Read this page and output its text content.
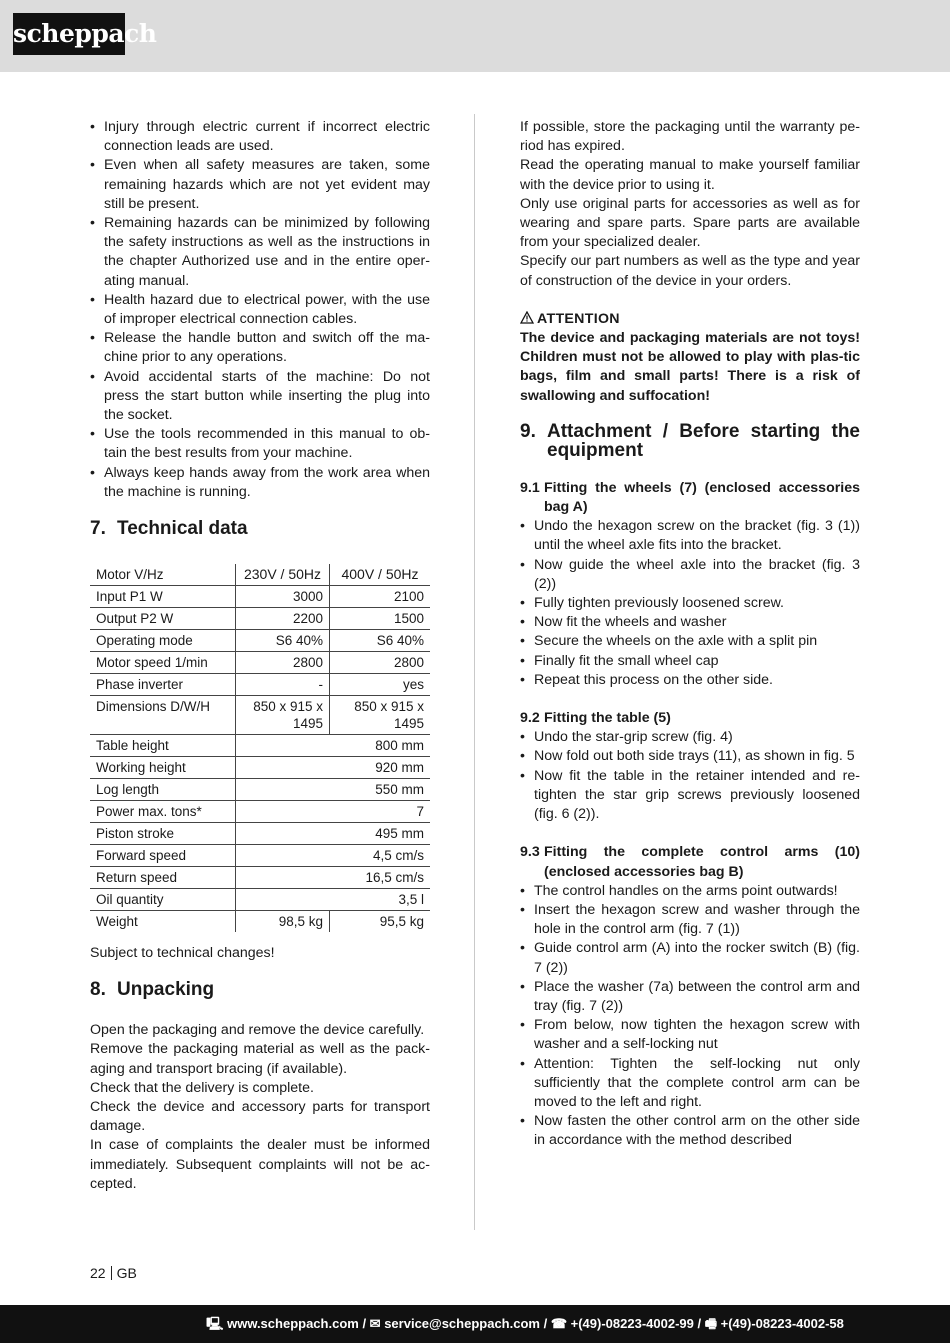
scheppach
• Injury through electric current if incorrect electric connection leads are used.
• Even when all safety measures are taken, some remaining hazards which are not yet evident may still be present.
• Remaining hazards can be minimized by following the safety instructions as well as the instructions in the chapter Authorized use and in the entire oper-ating manual.
• Health hazard due to electrical power, with the use of improper electrical connection cables.
• Release the handle button and switch off the ma-chine prior to any operations.
• Avoid accidental starts of the machine: Do not press the start button while inserting the plug into the socket.
• Use the tools recommended in this manual to ob-tain the best results from your machine.
• Always keep hands away from the work area when the machine is running.
7. Technical data
Motor V/Hz	230V / 50Hz	400V / 50Hz
Input P1 W	3000	2100
Output P2 W	2200	1500
Operating mode	S6 40%	S6 40%
Motor speed 1/min	2800	2800
Phase inverter	-	yes
Dimensions D/W/H	850 x 915 x 1495	850 x 915 x 1495
Table height	800 mm	
Working height	920 mm	
Log length	550 mm	
Power max. tons*	7	
Piston stroke	495 mm	
Forward speed	4,5 cm/s	
Return speed	16,5 cm/s	
Oil quantity	3,5 l	
Weight	98,5 kg	95,5 kg
Subject to technical changes!
8. Unpacking

Open the packaging and remove the device carefully.

Remove the packaging material as well as the pack-aging and transport bracing (if available).

Check that the delivery is complete.

Check the device and accessory parts for transport damage.

In case of complaints the dealer must be informed immediately. Subsequent complaints will not be ac-cepted.

If possible, store the packaging until the warranty pe-riod has expired.

Read the operating manual to make yourself familiar with the device prior to using it.

Only use original parts for accessories as well as for wearing and spare parts. Spare parts are available from your specialized dealer.

Specify our part numbers as well as the type and year of construction of the device in your orders.

ATTENTION
The device and packaging materials are not toys! Children must not be allowed to play with plas-tic bags, film and small parts! There is a risk of swallowing and suffocation!
9. Attachment / Before starting the equipment
9.1 Fitting the wheels (7) (enclosed accessories bag A)
• Undo the hexagon screw on the bracket (fig. 3 (1)) until the wheel axle fits into the bracket.
• Now guide the wheel axle into the bracket (fig. 3 (2))
• Fully tighten previously loosened screw.
• Now fit the wheels and washer
• Secure the wheels on the axle with a split pin
• Finally fit the small wheel cap
• Repeat this process on the other side.
9.2 Fitting the table (5)
• Undo the star-grip screw (fig. 4)
• Now fold out both side trays (11), as shown in fig. 5
• Now fit the table in the retainer intended and re-tighten the star grip screws previously loosened (fig. 6 (2)).
9.3 Fitting the complete control arms (10) (enclosed accessories bag B)
• The control handles on the arms point outwards!
• Insert the hexagon screw and washer through the hole in the control arm (fig. 7 (1))
• Guide control arm (A) into the rocker switch (B) (fig. 7 (2))
• Place the washer (7a) between the control arm and tray (fig. 7 (2))
• From below, now tighten the hexagon screw with washer and a self-locking nut
• Attention: Tighten the self-locking nut only sufficiently that the complete control arm can be moved to the left and right.
• Now fasten the other control arm on the other side in accordance with the method described
22 GB
🖳︎ www.scheppach.com / ✉︎ service@scheppach.com / ☎ +(49)-08223-4002-99 / 🖷︎ +(49)-08223-4002-58
